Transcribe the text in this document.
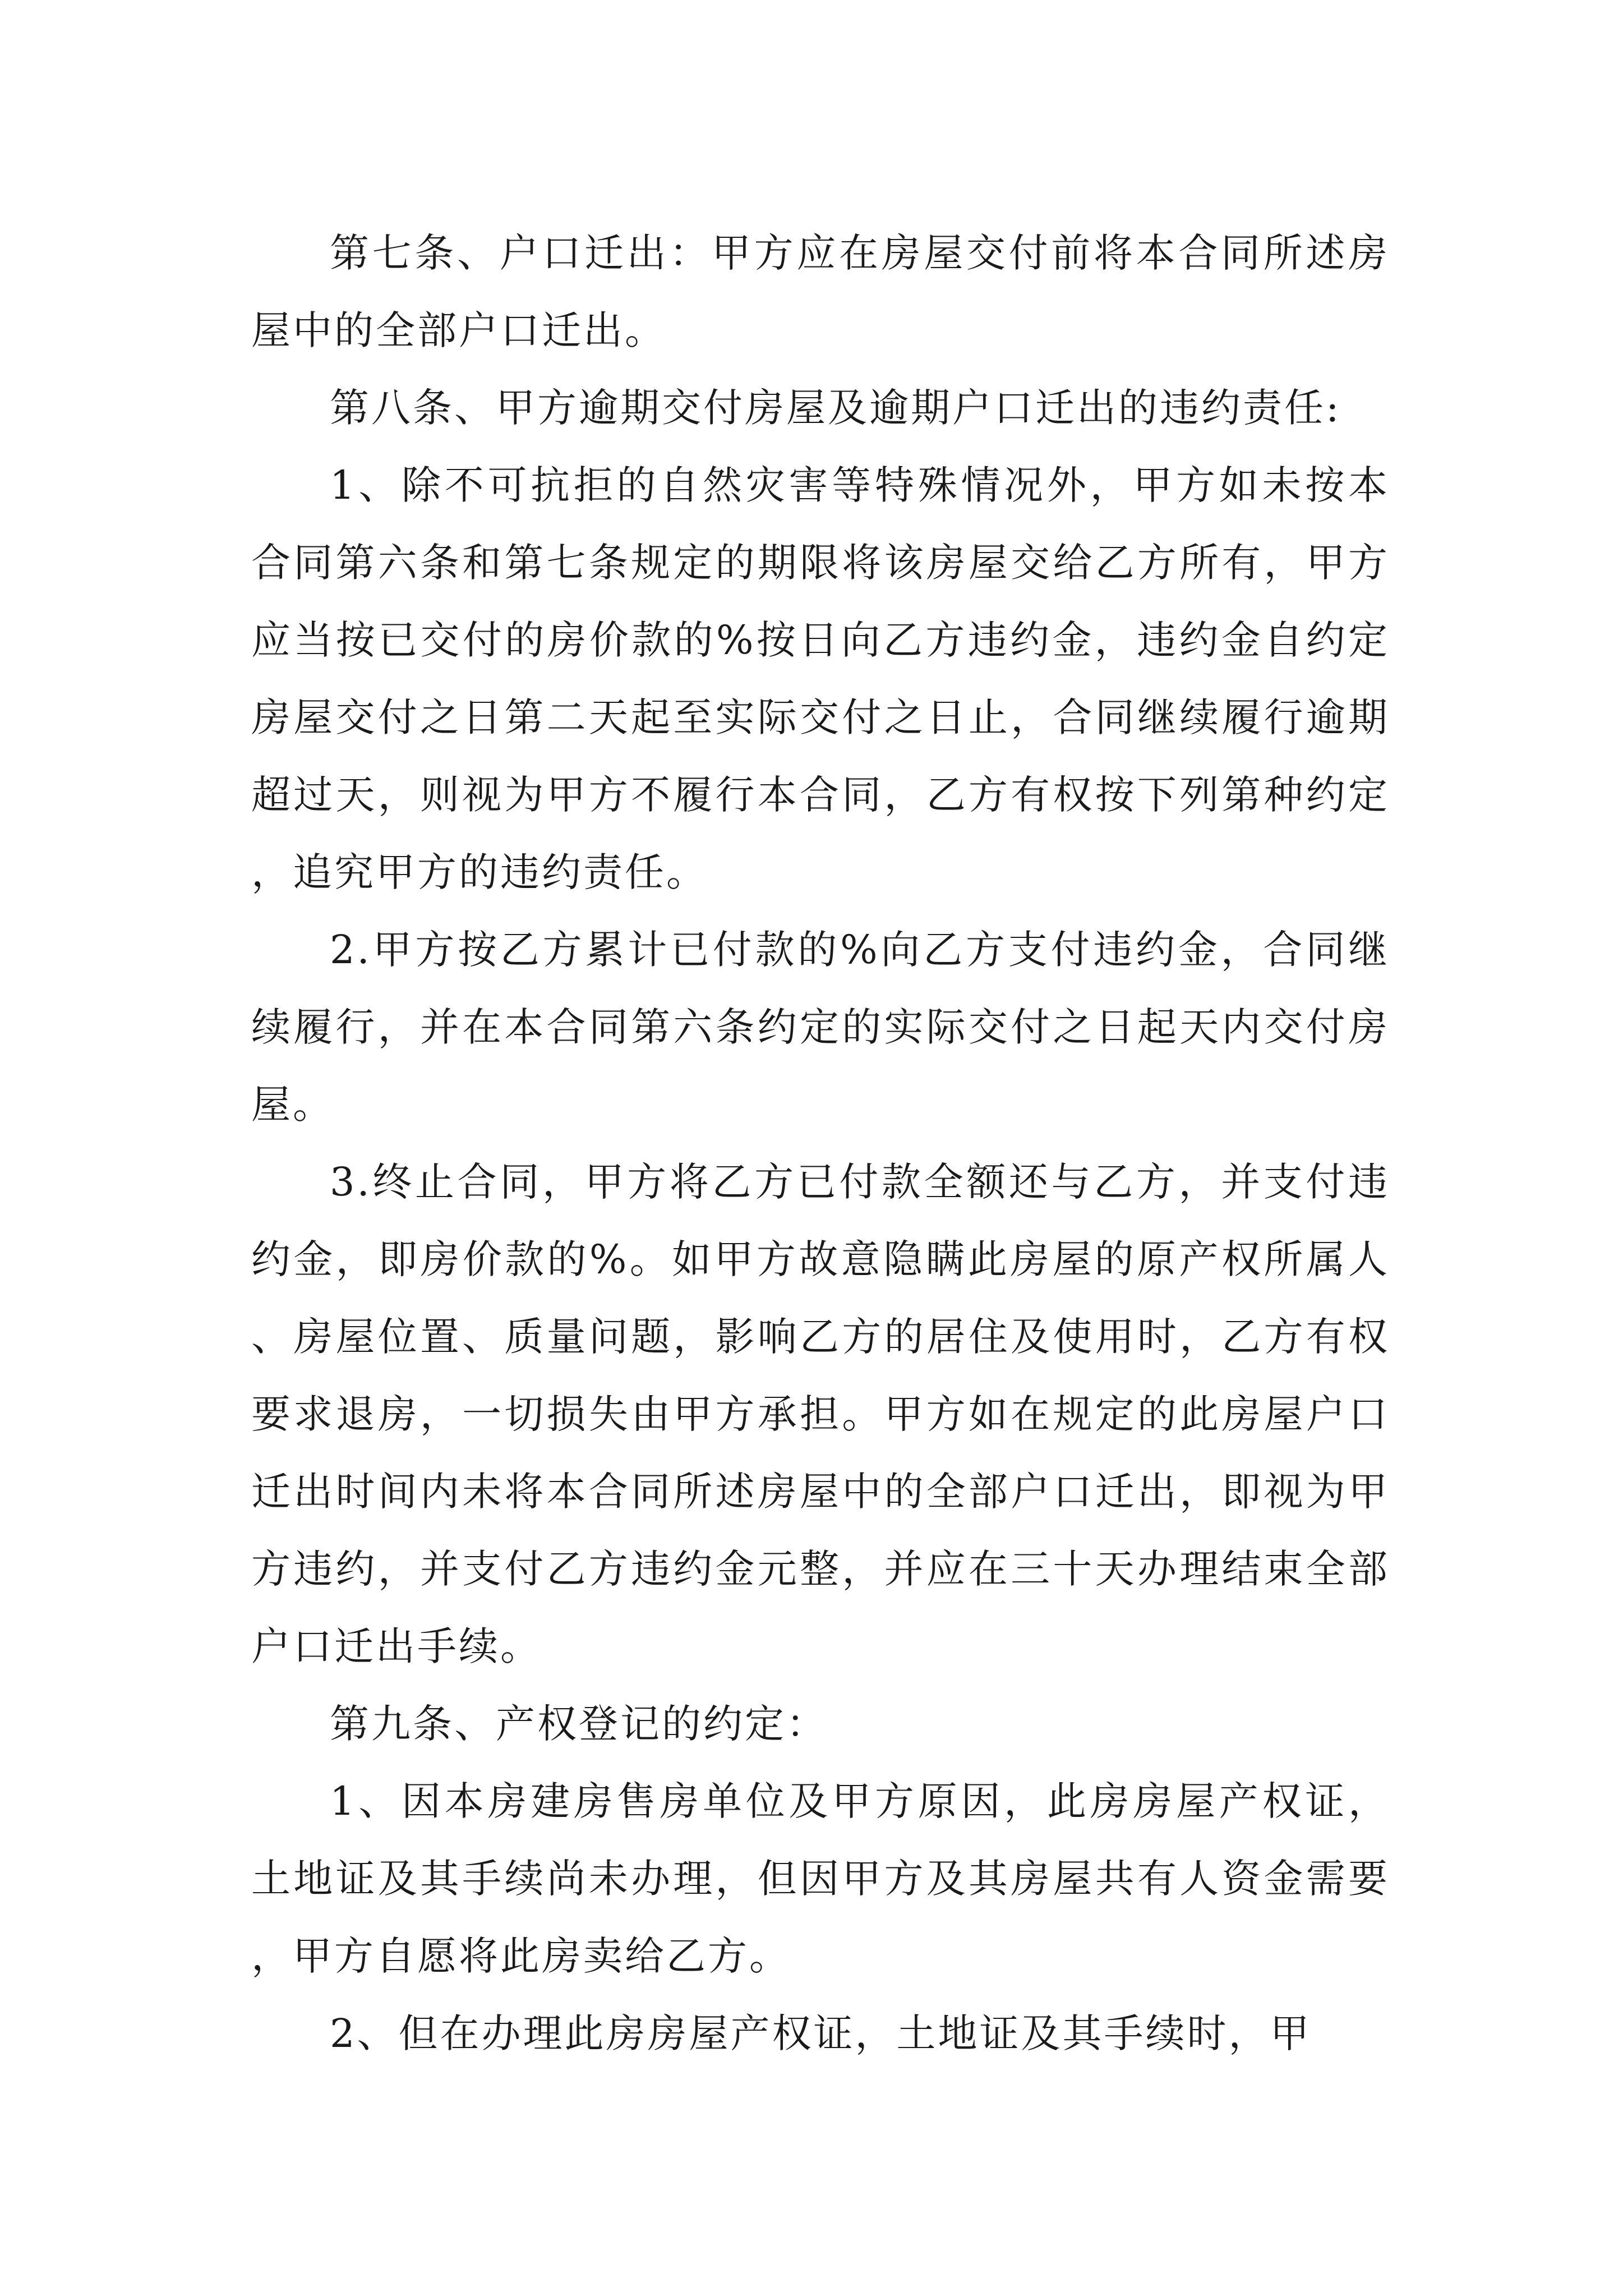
第七条、户口迁出：甲方应在房屋交付前将本合同所述房屋中的全部户口迁出。

第八条、甲方逾期交付房屋及逾期户口迁出的违约责任:

1、除不可抗拒的自然灾害等特殊情况外，甲方如未按本合同第六条和第七条规定的期限将该房屋交给乙方所有，甲方应当按已交付的房价款的%按日向乙方违约金，违约金自约定房屋交付之日第二天起至实际交付之日止，合同继续履行逾期超过天，则视为甲方不履行本合同，乙方有权按下列第种约定，追究甲方的违约责任。

2.甲方按乙方累计已付款的%向乙方支付违约金，合同继续履行，并在本合同第六条约定的实际交付之日起天内交付房屋。

3.终止合同，甲方将乙方已付款全额还与乙方，并支付违约金，即房价款的%。如甲方故意隐瞒此房屋的原产权所属人、房屋位置、质量问题，影响乙方的居住及使用时，乙方有权要求退房，一切损失由甲方承担。甲方如在规定的此房屋户口迁出时间内未将本合同所述房屋中的全部户口迁出，即视为甲方违约，并支付乙方违约金元整，并应在三十天办理结束全部户口迁出手续。

第九条、产权登记的约定：

1、因本房建房售房单位及甲方原因，此房房屋产权证，土地证及其手续尚未办理，但因甲方及其房屋共有人资金需要，甲方自愿将此房卖给乙方。

2、但在办理此房房屋产权证，土地证及其手续时，甲
